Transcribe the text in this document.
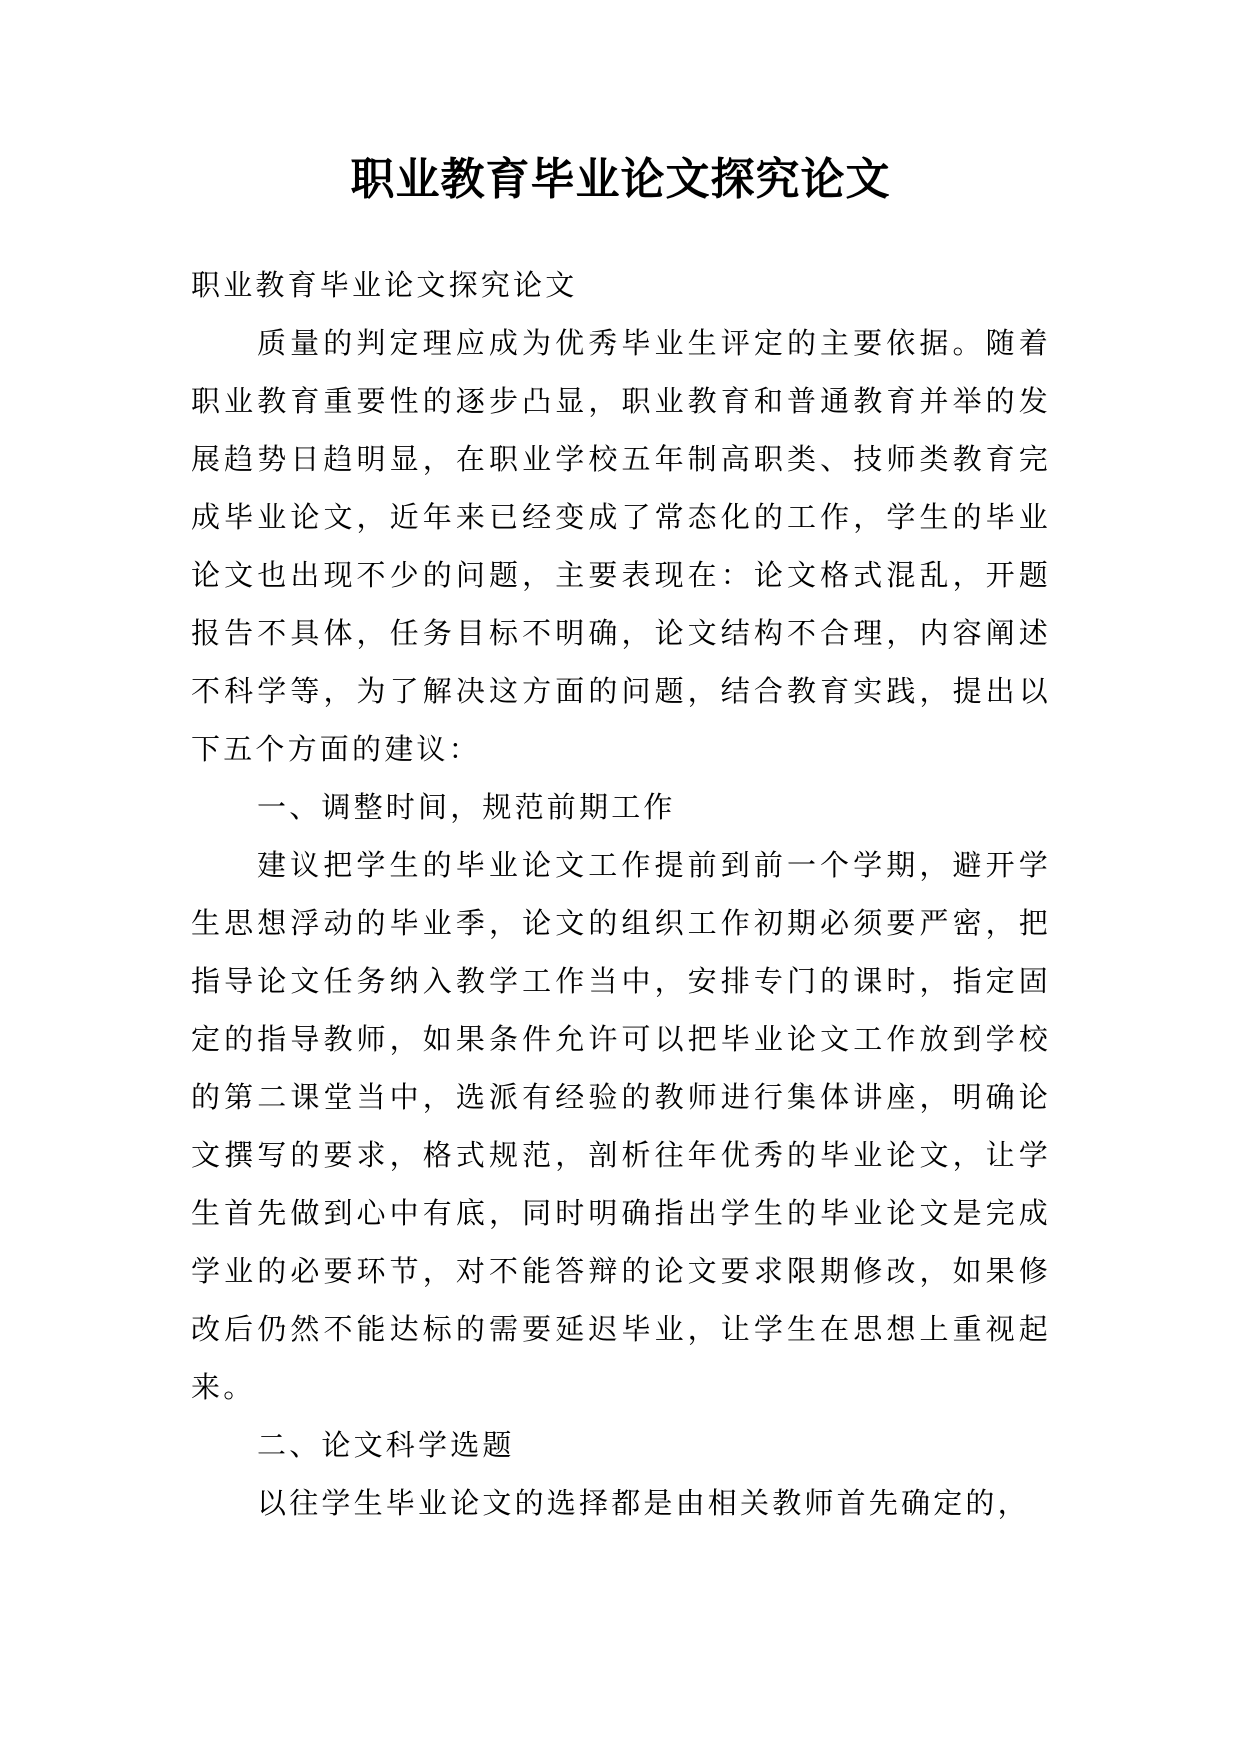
职业教育毕业论文探究论文

职业教育毕业论文探究论文

质量的判定理应成为优秀毕业生评定的主要依据。随着职业教育重要性的逐步凸显，职业教育和普通教育并举的发展趋势日趋明显，在职业学校五年制高职类、技师类教育完成毕业论文，近年来已经变成了常态化的工作，学生的毕业论文也出现不少的问题，主要表现在：论文格式混乱，开题报告不具体，任务目标不明确，论文结构不合理，内容阐述不科学等，为了解决这方面的问题，结合教育实践，提出以下五个方面的建议：

一、调整时间，规范前期工作

建议把学生的毕业论文工作提前到前一个学期，避开学生思想浮动的毕业季，论文的组织工作初期必须要严密，把指导论文任务纳入教学工作当中，安排专门的课时，指定固定的指导教师，如果条件允许可以把毕业论文工作放到学校的第二课堂当中，选派有经验的教师进行集体讲座，明确论文撰写的要求，格式规范，剖析往年优秀的毕业论文，让学生首先做到心中有底，同时明确指出学生的毕业论文是完成学业的必要环节，对不能答辩的论文要求限期修改，如果修改后仍然不能达标的需要延迟毕业，让学生在思想上重视起来。

二、论文科学选题

以往学生毕业论文的选择都是由相关教师首先确定的，
